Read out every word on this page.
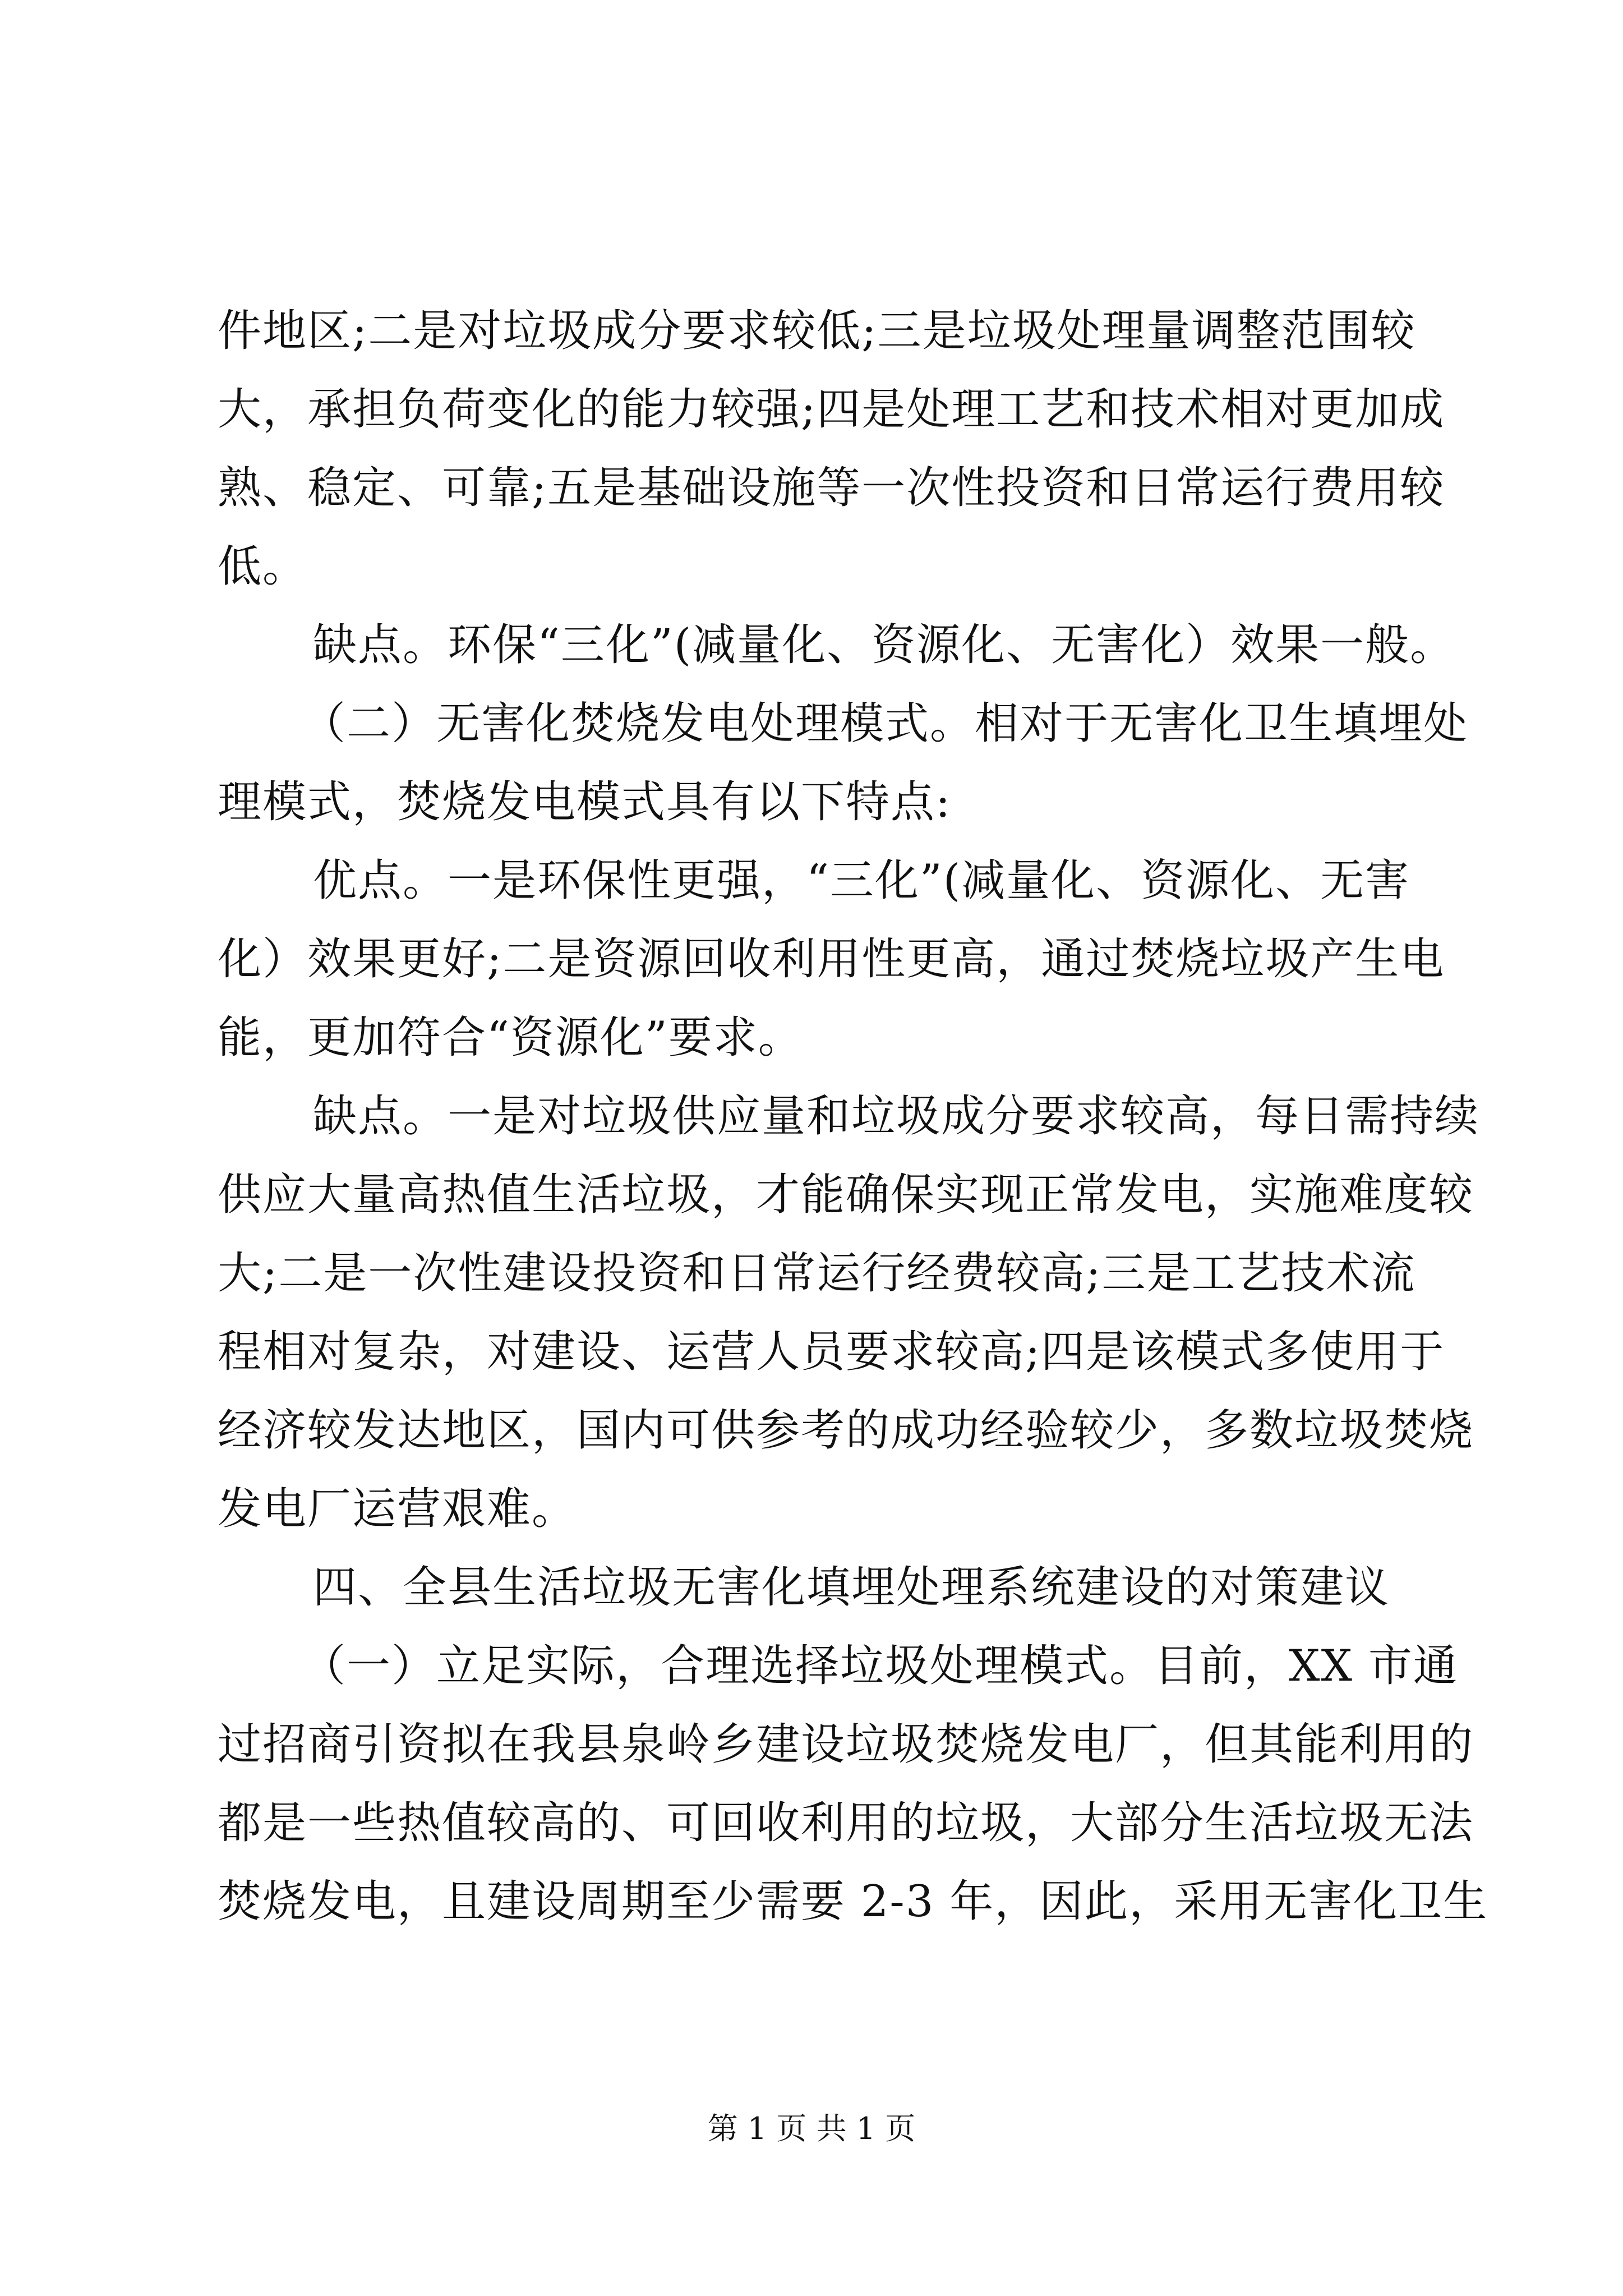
件地区;二是对垃圾成分要求较低;三是垃圾处理量调整范围较
大，承担负荷变化的能力较强;四是处理工艺和技术相对更加成
熟、稳定、可靠;五是基础设施等一次性投资和日常运行费用较
低。
缺点。环保“三化”(减量化、资源化、无害化）效果一般。
（二）无害化焚烧发电处理模式。相对于无害化卫生填埋处
理模式，焚烧发电模式具有以下特点:
优点。一是环保性更强，“三化”(减量化、资源化、无害
化）效果更好;二是资源回收利用性更高，通过焚烧垃圾产生电
能，更加符合“资源化”要求。
缺点。一是对垃圾供应量和垃圾成分要求较高，每日需持续
供应大量高热值生活垃圾，才能确保实现正常发电，实施难度较
大;二是一次性建设投资和日常运行经费较高;三是工艺技术流
程相对复杂，对建设、运营人员要求较高;四是该模式多使用于
经济较发达地区，国内可供参考的成功经验较少，多数垃圾焚烧
发电厂运营艰难。
四、全县生活垃圾无害化填埋处理系统建设的对策建议
（一）立足实际，合理选择垃圾处理模式。目前，XX 市通
过招商引资拟在我县泉岭乡建设垃圾焚烧发电厂，但其能利用的
都是一些热值较高的、可回收利用的垃圾，大部分生活垃圾无法
焚烧发电，且建设周期至少需要 2-3 年，因此，采用无害化卫生
第 1 页 共 1 页
